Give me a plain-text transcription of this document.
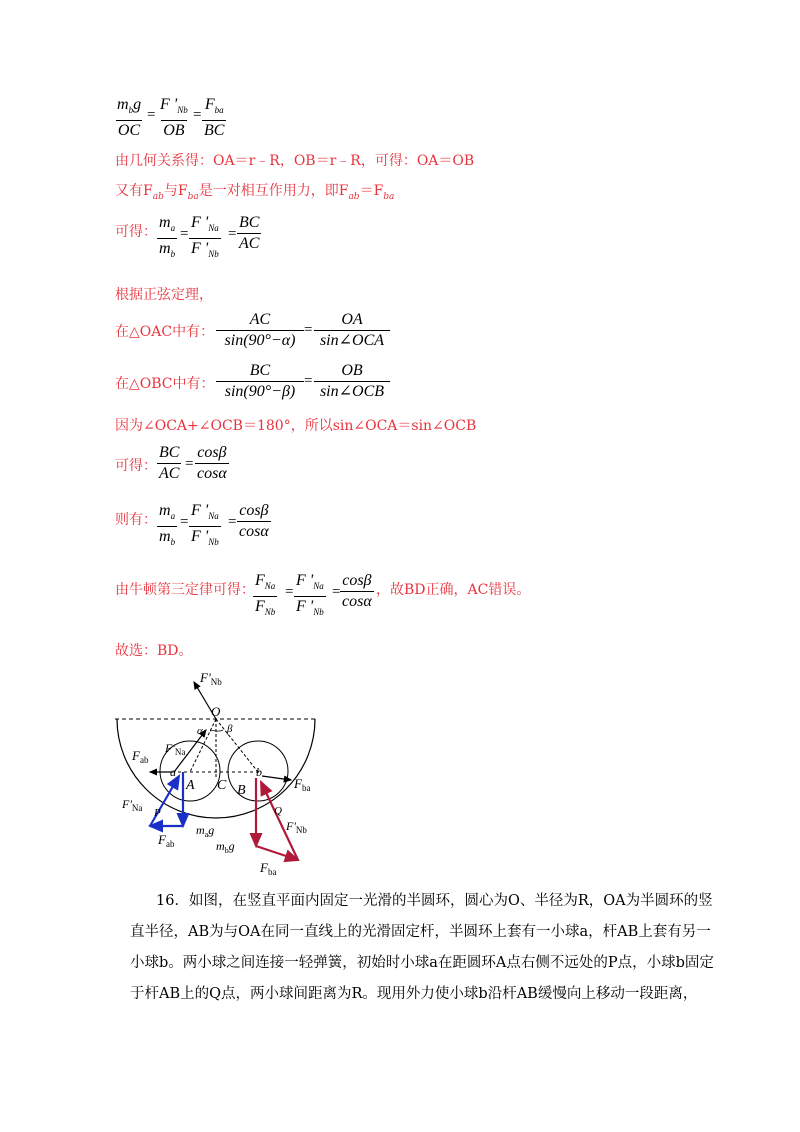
$m_bg$
OC
= $\frac{F '_{Nb}}{OB}$ =
$F_{ba}$
BC
由几何关系得：OA＝r﹣R，OB＝r﹣R，可得：OA＝OB
又有$F_{ab}$与$F_{ba}$是一对相互作用力，即$F_{ab}=F_{ba}$
可得： $\frac{m_a}{m_b} = \frac{F '_{Na}}{F '_{Nb}} = \frac{BC}{AC}$
根据正弦定理，
在△OAC中有： $\frac{AC}{\sin(90^\circ-\alpha)}$ =
OA
sin∠OCA
在△OBC中有： $\frac{BC}{\sin(90^\circ-\beta)}$ =
OB
sin∠OCB
因为∠OCA+∠OCB＝180°，所以sin∠OCA＝sin∠OCB
可得： $\frac{BC}{AC} = \frac{\cos\beta}{\cos\alpha}$
则有： $\frac{m_a}{m_b} = \frac{F '_{Na}}{F '_{Nb}} = \frac{\cos\beta}{\cos\alpha}$
由牛顿第三定律可得：
$F_{Na}$
$F_{Nb}$
= $\frac{F '_{Na}}{F '_{Nb}} = \frac{\cos\beta}{\cos\alpha}$ ，故BD正确，AC错误。
故选：BD。
$F'_{Nb}$
O
α β
$F_{ab}$
$F'_{Na}$
a
A C
b
B	$F_{ba}$
$F'_{Na}$ P	Q
$m_ag$	$F'_{Nb}$
$F_{ab}$	$m_bg$
$F_{ba}$
16．如图，在竖直平面内固定一光滑的半圆环，圆心为O、半径为R，OA为半圆环的竖直半径，AB为与OA在同一直线上的光滑固定杆，半圆环上套有一小球a，杆AB上套有另一小球b。两小球之间连接一轻弹簧，初始时小球a在距圆环A点右侧不远处的P点，小球b固定于杆AB上的Q点，两小球间距离为R。现用外力使小球b沿杆AB缓慢向上移动一段距离，
